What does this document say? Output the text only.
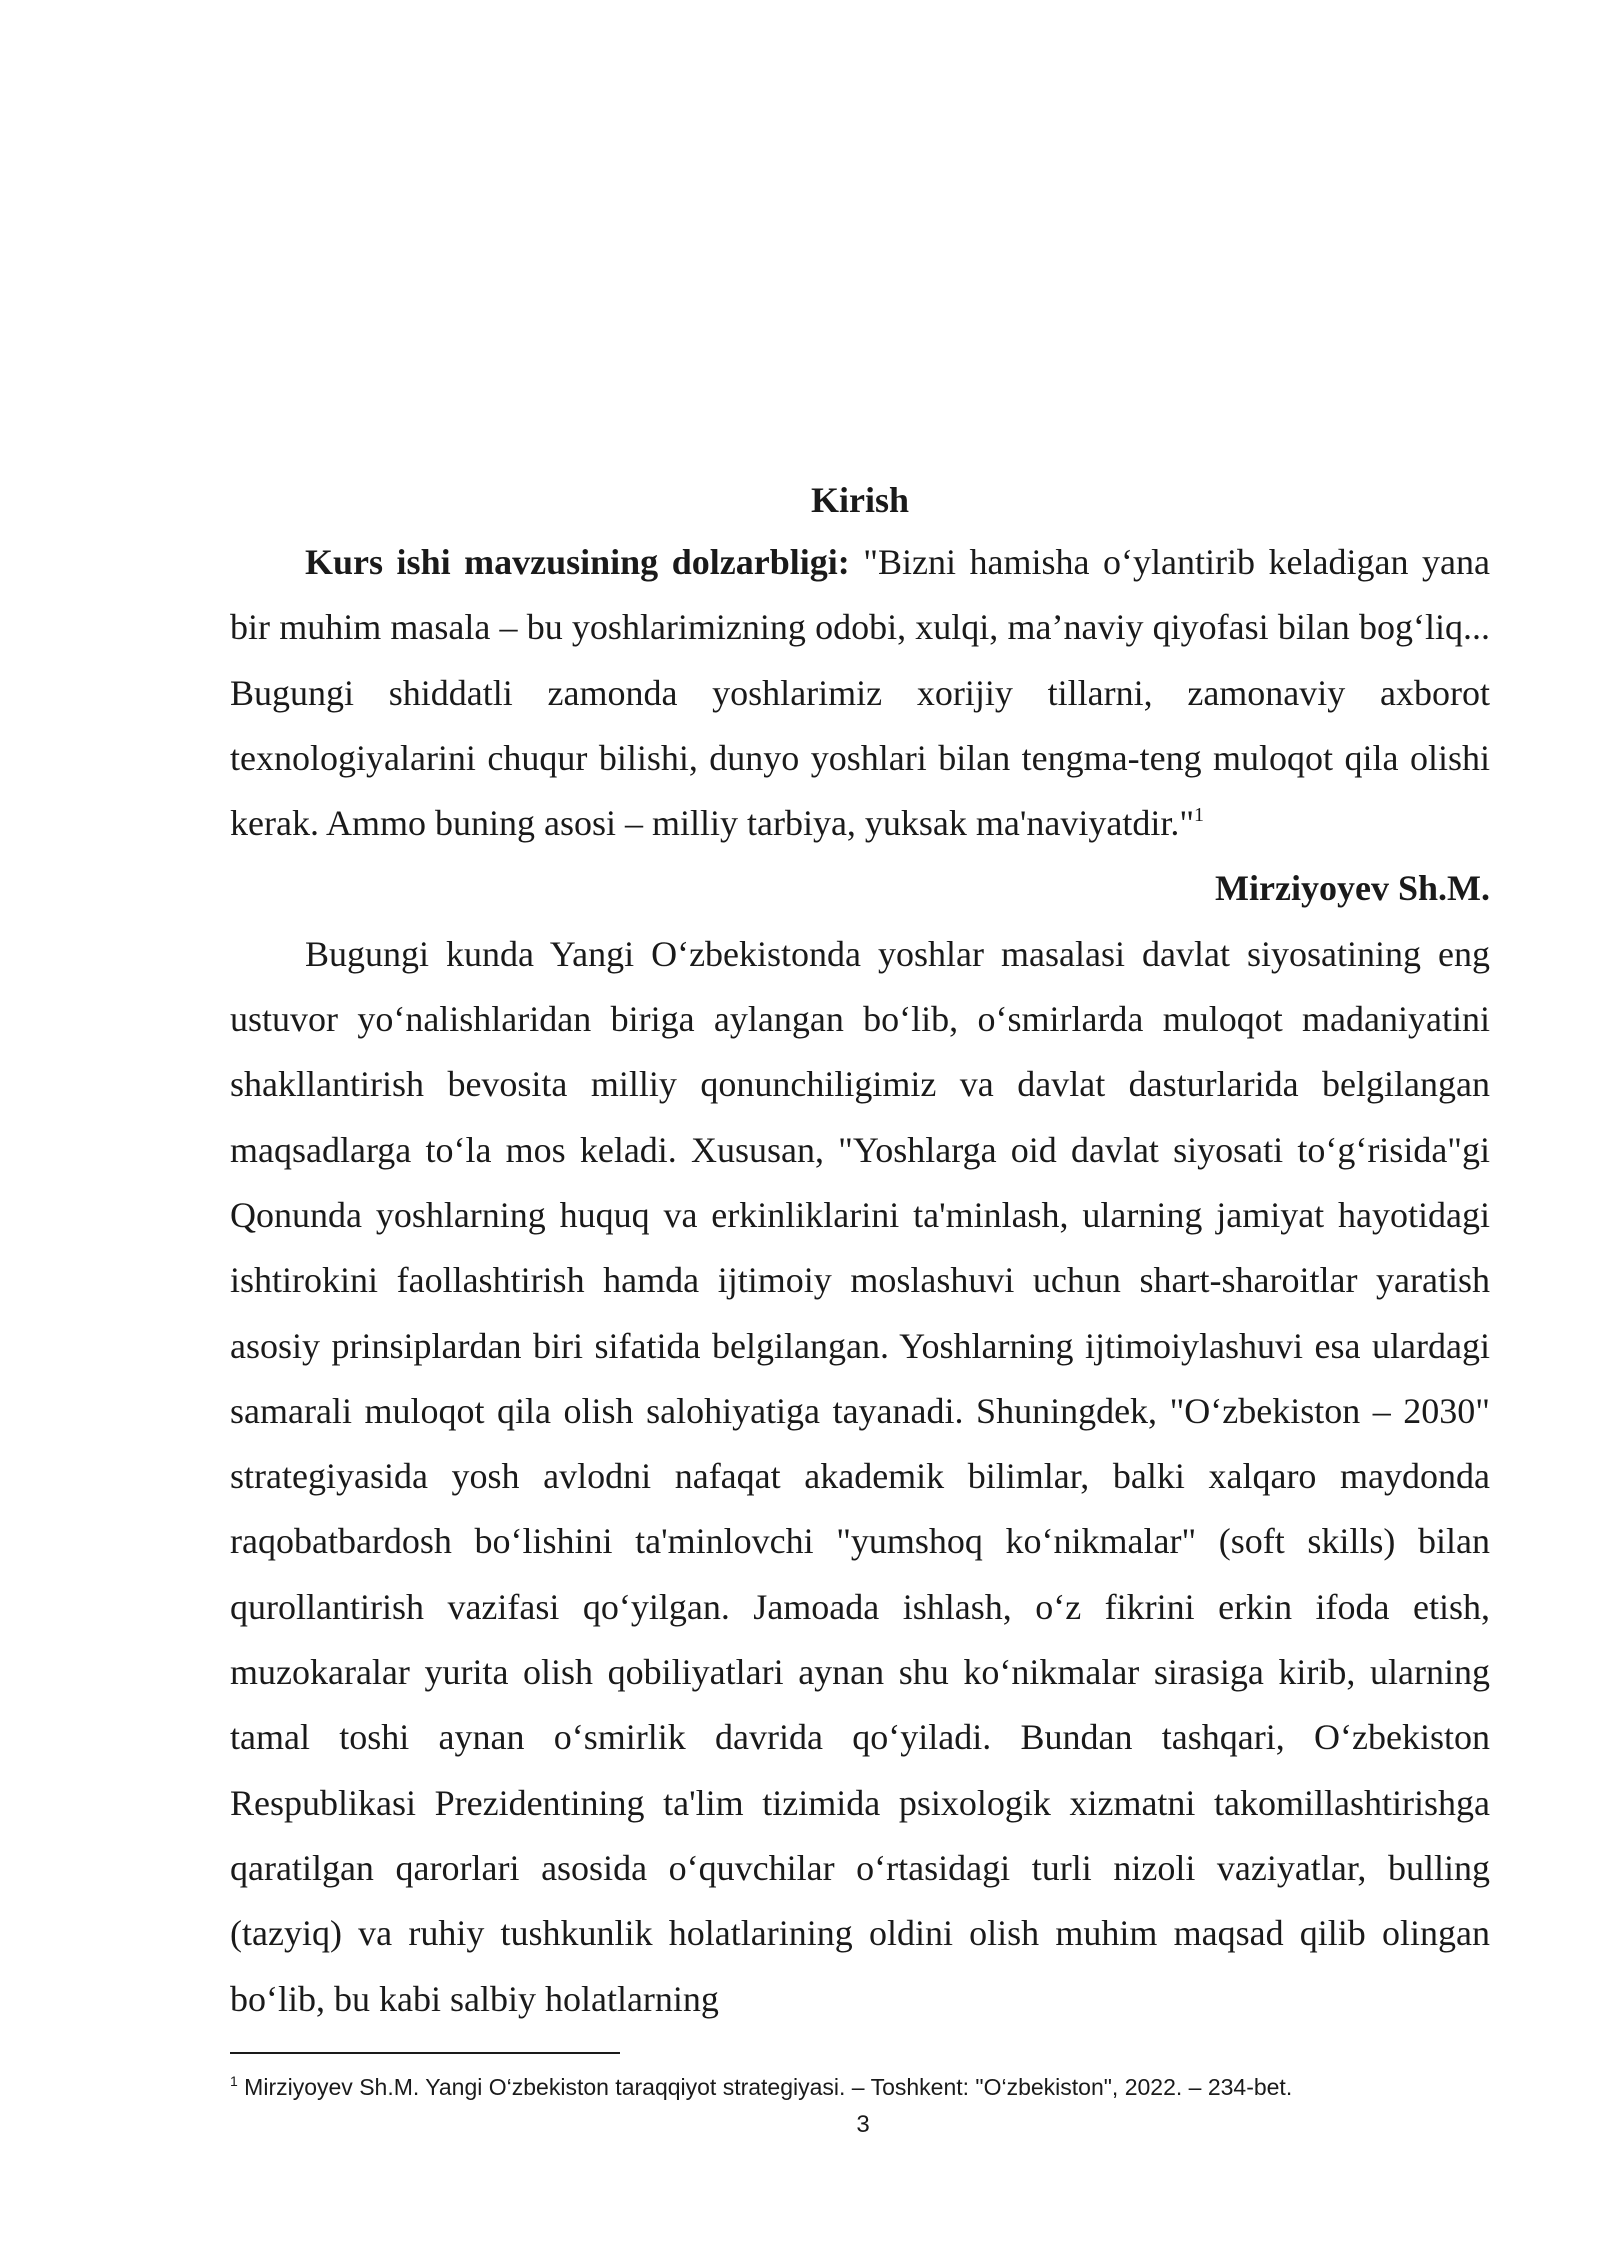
Kirish

Kurs ishi mavzusining dolzarbligi: "Bizni hamisha o‘ylantirib keladigan yana bir muhim masala – bu yoshlarimizning odobi, xulqi, ma’naviy qiyofasi bilan bog‘liq... Bugungi shiddatli zamonda yoshlarimiz xorijiy tillarni, zamonaviy axborot texnologiyalarini chuqur bilishi, dunyo yoshlari bilan tengma-teng muloqot qila olishi kerak. Ammo buning asosi – milliy tarbiya, yuksak ma'naviyatdir."$^1$

Mirziyoyev Sh.M.

Bugungi kunda Yangi O‘zbekistonda yoshlar masalasi davlat siyosatining eng ustuvor yo‘nalishlaridan biriga aylangan bo‘lib, o‘smirlarda muloqot madaniyatini shakllantirish bevosita milliy qonunchiligimiz va davlat dasturlarida belgilangan maqsadlarga to‘la mos keladi. Xususan, "Yoshlarga oid davlat siyosati to‘g‘risida"gi Qonunda yoshlarning huquq va erkinliklarini ta'minlash, ularning jamiyat hayotidagi ishtirokini faollashtirish hamda ijtimoiy moslashuvi uchun shart-sharoitlar yaratish asosiy prinsiplardan biri sifatida belgilangan. Yoshlarning ijtimoiylashuvi esa ulardagi samarali muloqot qila olish salohiyatiga tayanadi. Shuningdek, "O‘zbekiston – 2030" strategiyasida yosh avlodni nafaqat akademik bilimlar, balki xalqaro maydonda raqobatbardosh bo‘lishini ta'minlovchi "yumshoq ko‘nikmalar" (soft skills) bilan qurollantirish vazifasi qo‘yilgan. Jamoada ishlash, o‘z fikrini erkin ifoda etish, muzokaralar yurita olish qobiliyatlari aynan shu ko‘nikmalar sirasiga kirib, ularning tamal toshi aynan o‘smirlik davrida qo‘yiladi. Bundan tashqari, O‘zbekiston Respublikasi Prezidentining ta'lim tizimida psixologik xizmatni takomillashtirishga qaratilgan qarorlari asosida o‘quvchilar o‘rtasidagi turli nizoli vaziyatlar, bulling (tazyiq) va ruhiy tushkunlik holatlarining oldini olish muhim maqsad qilib olingan bo‘lib, bu kabi salbiy holatlarning

$^1$ Mirziyoyev Sh.M. Yangi O‘zbekiston taraqqiyot strategiyasi. – Toshkent: "O‘zbekiston", 2022. – 234-bet.

3
